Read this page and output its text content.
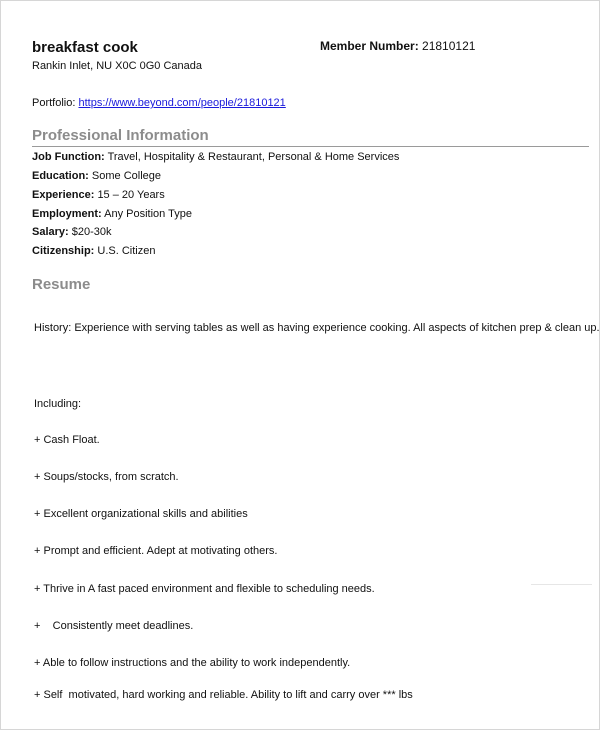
breakfast cook	Member Number: 21810121
Rankin Inlet, NU X0C 0G0 Canada
Portfolio: https://www.beyond.com/people/21810121
Professional Information
Job Function: Travel, Hospitality & Restaurant, Personal & Home Services
Education: Some College
Experience: 15 – 20 Years
Employment: Any Position Type
Salary: $20-30k
Citizenship: U.S. Citizen
Resume
History: Experience with serving tables as well as having experience cooking. All aspects of kitchen prep & clean up.
Including:
+ Cash Float.
+ Soups/stocks, from scratch.
+ Excellent organizational skills and abilities
+ Prompt and efficient. Adept at motivating others.
+ Thrive in A fast paced environment and flexible to scheduling needs.
+    Consistently meet deadlines.
+ Able to follow instructions and the ability to work independently.
+ Self  motivated, hard working and reliable. Ability to lift and carry over *** lbs
